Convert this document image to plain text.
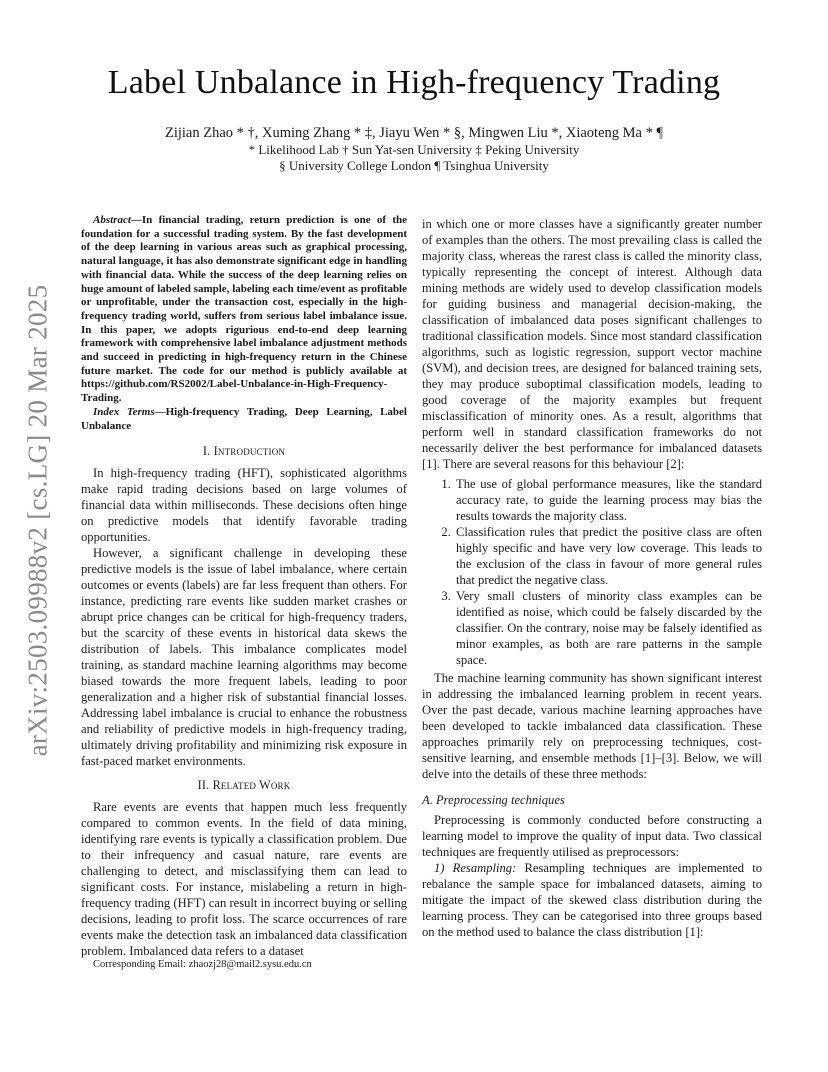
arXiv:2503.09988v2 [cs.LG] 20 Mar 2025
Label Unbalance in High-frequency Trading
Zijian Zhao * †, Xuming Zhang * ‡, Jiayu Wen * §, Mingwen Liu *, Xiaoteng Ma * ¶
* Likelihood Lab † Sun Yat-sen University ‡ Peking University
§ University College London ¶ Tsinghua University

Abstract—In financial trading, return prediction is one of the foundation for a successful trading system. By the fast development of the deep learning in various areas such as graphical processing, natural language, it has also demonstrate significant edge in handling with financial data. While the success of the deep learning relies on huge amount of labeled sample, labeling each time/event as profitable or unprofitable, under the transaction cost, especially in the high-frequency trading world, suffers from serious label imbalance issue. In this paper, we adopts rigurious end-to-end deep learning framework with comprehensive label imbalance adjustment methods and succeed in predicting in high-frequency return in the Chinese future market. The code for our method is publicly available at https://github.com/RS2002/Label-Unbalance-in-High-Frequency-Trading.

Index Terms—High-frequency Trading, Deep Learning, Label Unbalance

I. Introduction

In high-frequency trading (HFT), sophisticated algorithms make rapid trading decisions based on large volumes of financial data within milliseconds. These decisions often hinge on predictive models that identify favorable trading opportunities.

However, a significant challenge in developing these predictive models is the issue of label imbalance, where certain outcomes or events (labels) are far less frequent than others. For instance, predicting rare events like sudden market crashes or abrupt price changes can be critical for high-frequency traders, but the scarcity of these events in historical data skews the distribution of labels. This imbalance complicates model training, as standard machine learning algorithms may become biased towards the more frequent labels, leading to poor generalization and a higher risk of substantial financial losses. Addressing label imbalance is crucial to enhance the robustness and reliability of predictive models in high-frequency trading, ultimately driving profitability and minimizing risk exposure in fast-paced market environments.

II. Related Work

Rare events are events that happen much less frequently compared to common events. In the field of data mining, identifying rare events is typically a classification problem. Due to their infrequency and casual nature, rare events are challenging to detect, and misclassifying them can lead to significant costs. For instance, mislabeling a return in high-frequency trading (HFT) can result in incorrect buying or selling decisions, leading to profit loss. The scarce occurrences of rare events make the detection task an imbalanced data classification problem. Imbalanced data refers to a dataset

Corresponding Email: zhaozj28@mail2.sysu.edu.cn

in which one or more classes have a significantly greater number of examples than the others. The most prevailing class is called the majority class, whereas the rarest class is called the minority class, typically representing the concept of interest. Although data mining methods are widely used to develop classification models for guiding business and managerial decision-making, the classification of imbalanced data poses significant challenges to traditional classification models. Since most standard classification algorithms, such as logistic regression, support vector machine (SVM), and decision trees, are designed for balanced training sets, they may produce suboptimal classification models, leading to good coverage of the majority examples but frequent misclassification of minority ones. As a result, algorithms that perform well in standard classification frameworks do not necessarily deliver the best performance for imbalanced datasets [1]. There are several reasons for this behaviour [2]:

1. The use of global performance measures, like the standard accuracy rate, to guide the learning process may bias the results towards the majority class.
2. Classification rules that predict the positive class are often highly specific and have very low coverage. This leads to the exclusion of the class in favour of more general rules that predict the negative class.
3. Very small clusters of minority class examples can be identified as noise, which could be falsely discarded by the classifier. On the contrary, noise may be falsely identified as minor examples, as both are rare patterns in the sample space.

The machine learning community has shown significant interest in addressing the imbalanced learning problem in recent years. Over the past decade, various machine learning approaches have been developed to tackle imbalanced data classification. These approaches primarily rely on preprocessing techniques, cost-sensitive learning, and ensemble methods [1]–[3]. Below, we will delve into the details of these three methods:

A. Preprocessing techniques

Preprocessing is commonly conducted before constructing a learning model to improve the quality of input data. Two classical techniques are frequently utilised as preprocessors:

1) Resampling: Resampling techniques are implemented to rebalance the sample space for imbalanced datasets, aiming to mitigate the impact of the skewed class distribution during the learning process. They can be categorised into three groups based on the method used to balance the class distribution [1]:
